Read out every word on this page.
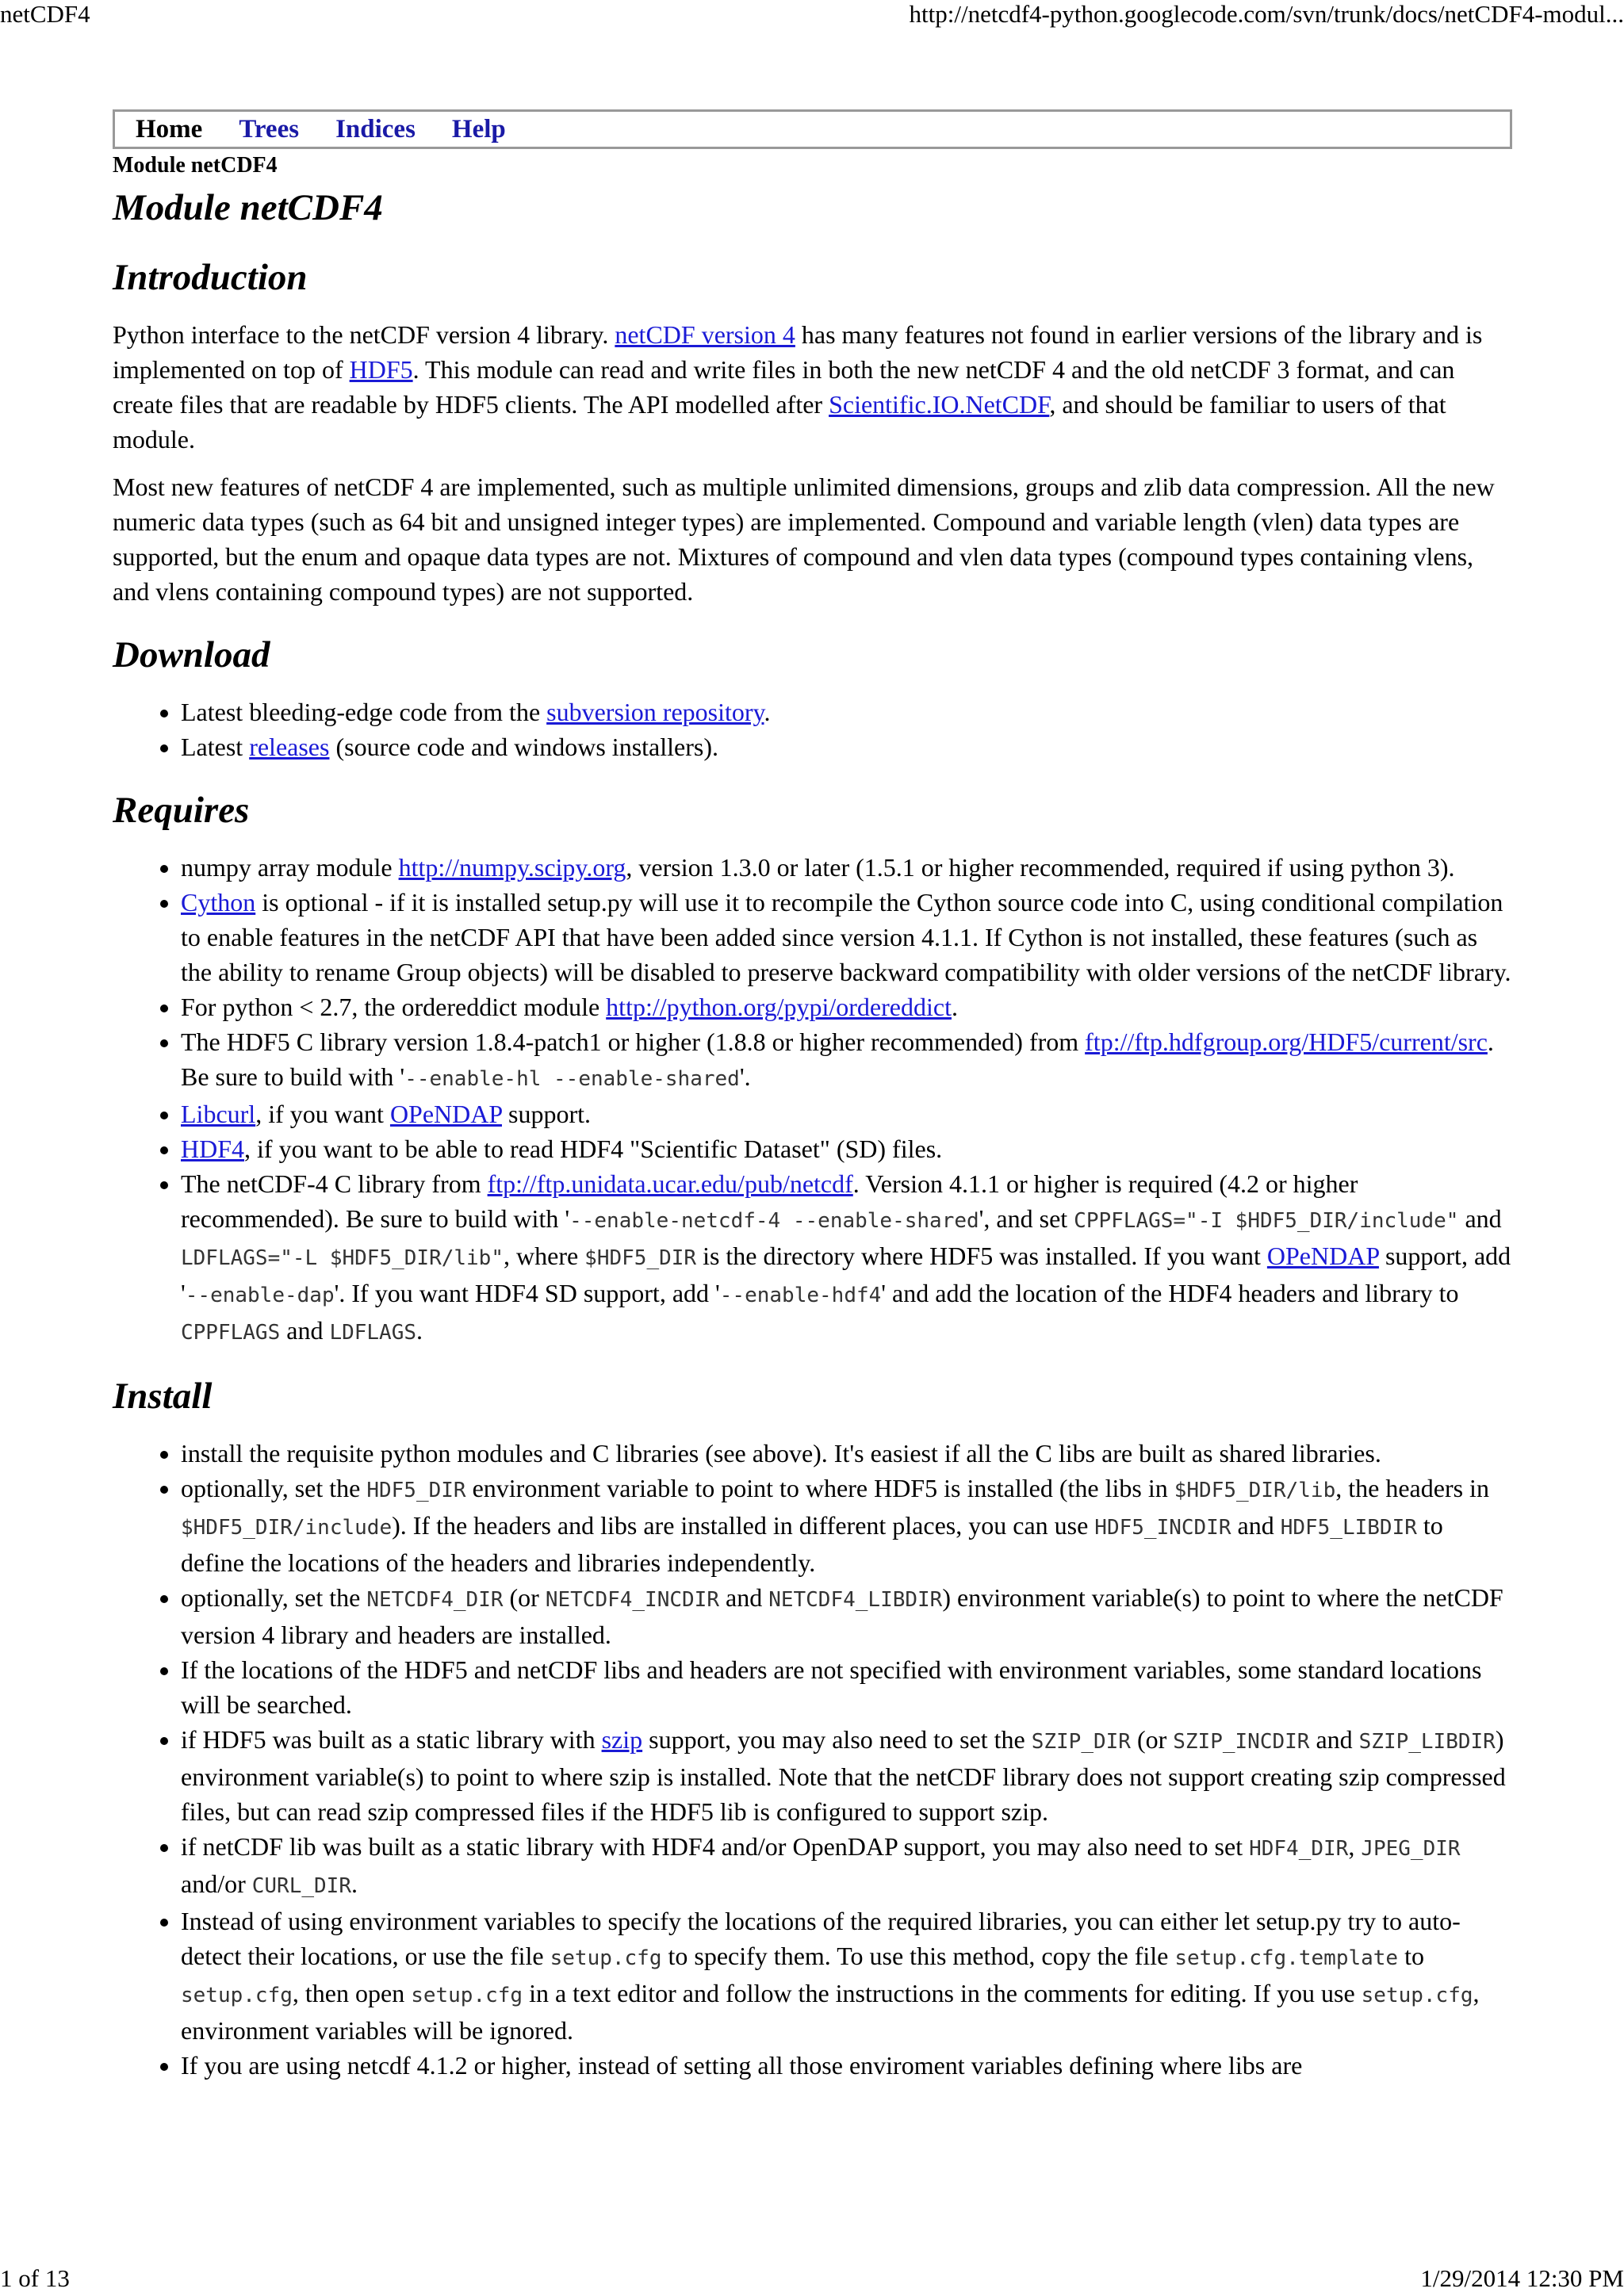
netCDF4	http://netcdf4-python.googlecode.com/svn/trunk/docs/netCDF4-modul...
Home Trees Indices Help
Module netCDF4
Module netCDF4
Introduction

Python interface to the netCDF version 4 library. netCDF version 4 has many features not found in earlier versions of the library and is implemented on top of HDF5. This module can read and write files in both the new netCDF 4 and the old netCDF 3 format, and can create files that are readable by HDF5 clients. The API modelled after Scientific.IO.NetCDF, and should be familiar to users of that module.

Most new features of netCDF 4 are implemented, such as multiple unlimited dimensions, groups and zlib data compression. All the new numeric data types (such as 64 bit and unsigned integer types) are implemented. Compound and variable length (vlen) data types are supported, but the enum and opaque data types are not. Mixtures of compound and vlen data types (compound types containing vlens, and vlens containing compound types) are not supported.

Download
• Latest bleeding-edge code from the subversion repository.
• Latest releases (source code and windows installers).
Requires
• numpy array module http://numpy.scipy.org, version 1.3.0 or later (1.5.1 or higher recommended, required if using python 3).
• Cython is optional - if it is installed setup.py will use it to recompile the Cython source code into C, using conditional compilation to enable features in the netCDF API that have been added since version 4.1.1. If Cython is not installed, these features (such as the ability to rename Group objects) will be disabled to preserve backward compatibility with older versions of the netCDF library.
• For python < 2.7, the ordereddict module http://python.org/pypi/ordereddict.
• The HDF5 C library version 1.8.4-patch1 or higher (1.8.8 or higher recommended) from ftp://ftp.hdfgroup.org/HDF5/current/src. Be sure to build with '--enable-hl --enable-shared'.
• Libcurl, if you want OPeNDAP support.
• HDF4, if you want to be able to read HDF4 "Scientific Dataset" (SD) files.
• The netCDF-4 C library from ftp://ftp.unidata.ucar.edu/pub/netcdf. Version 4.1.1 or higher is required (4.2 or higher recommended). Be sure to build with '--enable-netcdf-4 --enable-shared', and set CPPFLAGS="-I $HDF5_DIR/include" and LDFLAGS="-L $HDF5_DIR/lib", where $HDF5_DIR is the directory where HDF5 was installed. If you want OPeNDAP support, add '--enable-dap'. If you want HDF4 SD support, add '--enable-hdf4' and add the location of the HDF4 headers and library to CPPFLAGS and LDFLAGS.
Install
• install the requisite python modules and C libraries (see above). It's easiest if all the C libs are built as shared libraries.
• optionally, set the HDF5_DIR environment variable to point to where HDF5 is installed (the libs in $HDF5_DIR/lib, the headers in $HDF5_DIR/include). If the headers and libs are installed in different places, you can use HDF5_INCDIR and HDF5_LIBDIR to define the locations of the headers and libraries independently.
• optionally, set the NETCDF4_DIR (or NETCDF4_INCDIR and NETCDF4_LIBDIR) environment variable(s) to point to where the netCDF version 4 library and headers are installed.
• If the locations of the HDF5 and netCDF libs and headers are not specified with environment variables, some standard locations will be searched.
• if HDF5 was built as a static library with szip support, you may also need to set the SZIP_DIR (or SZIP_INCDIR and SZIP_LIBDIR) environment variable(s) to point to where szip is installed. Note that the netCDF library does not support creating szip compressed files, but can read szip compressed files if the HDF5 lib is configured to support szip.
• if netCDF lib was built as a static library with HDF4 and/or OpenDAP support, you may also need to set HDF4_DIR, JPEG_DIR and/or CURL_DIR.
• Instead of using environment variables to specify the locations of the required libraries, you can either let setup.py try to auto-detect their locations, or use the file setup.cfg to specify them. To use this method, copy the file setup.cfg.template to setup.cfg, then open setup.cfg in a text editor and follow the instructions in the comments for editing. If you use setup.cfg, environment variables will be ignored.
• If you are using netcdf 4.1.2 or higher, instead of setting all those enviroment variables defining where libs are
1 of 13	1/29/2014 12:30 PM
